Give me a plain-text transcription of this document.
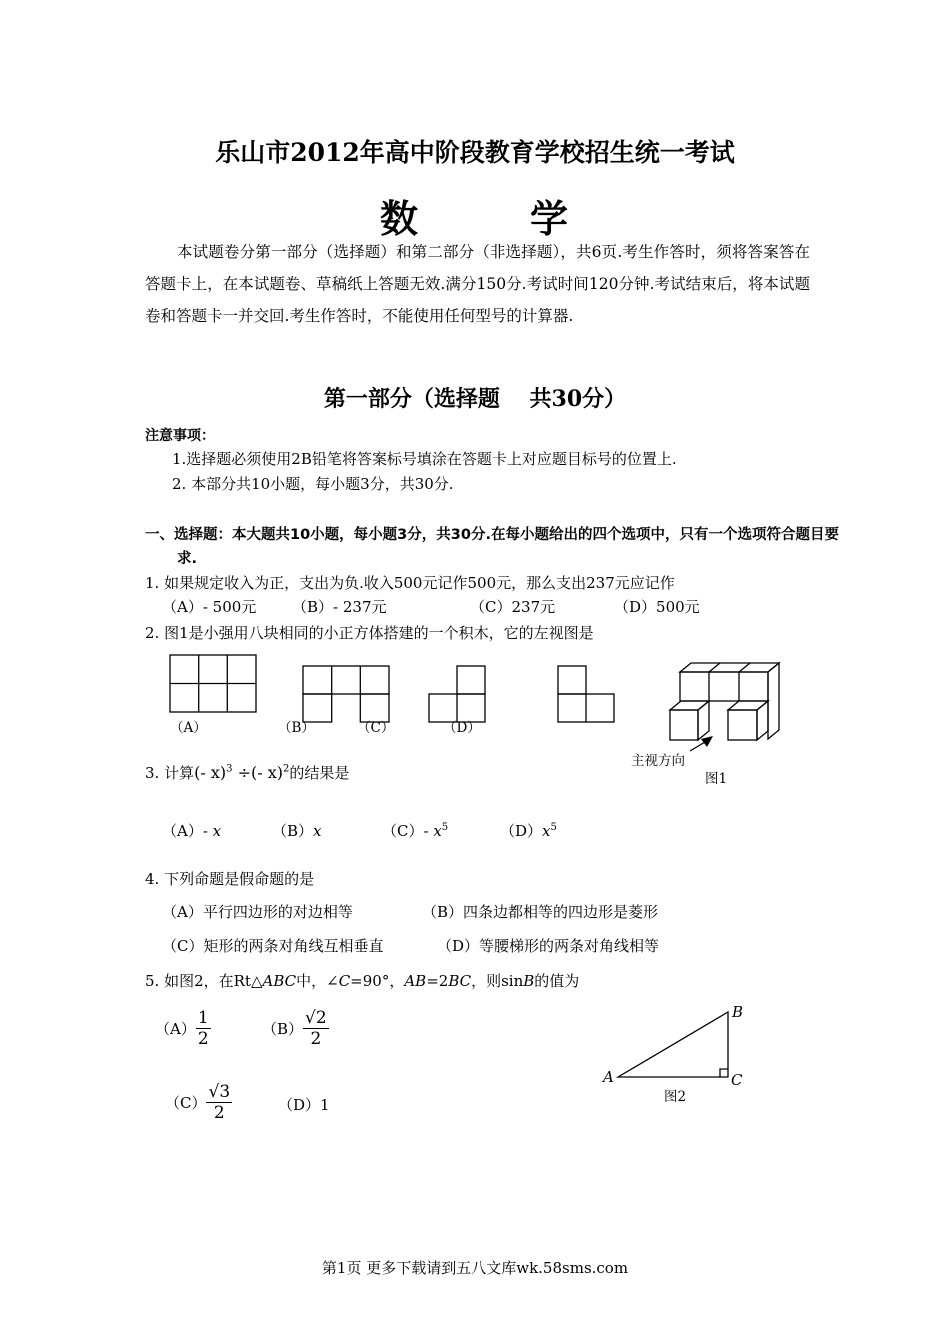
乐山市2012年高中阶段教育学校招生统一考试
数	学
本试题卷分第一部分（选择题）和第二部分（非选择题），共6页.考生作答时，须将答案答在答题卡上，在本试题卷、草稿纸上答题无效.满分150分.考试时间120分钟.考试结束后，将本试题卷和答题卡一并交回.考生作答时，不能使用任何型号的计算器.
第一部分（选择题　 共30分）
注意事项：
1.选择题必须使用2B铅笔将答案标号填涂在答题卡上对应题目标号的位置上.
2. 本部分共10小题，每小题3分，共30分.
一、选择题：本大题共10小题，每小题3分，共30分.在每小题给出的四个选项中，只有一个选项符合题目要求.
1. 如果规定收入为正，支出为负.收入500元记作500元，那么支出237元应记作
（A）- 500元 （B）- 237元	（C）237元	（D）500元
2. 图1是小强用八块相同的小正方体搭建的一个积木，它的左视图是
（A）	（B）	（C）	（D）
主视方向
图1
3. 计算(- x)$^3$ ÷(- x)$^2$的结果是
（A）- x	（B）x	（C）- $x^5$	$(D)x^5$
4. 下列命题是假命题的是
（A）平行四边形的对边相等	（B）四条边都相等的四边形是菱形
（C）矩形的两条对角线互相垂直	（D）等腰梯形的两条对角线相等
5. 如图2，在Rt△ABC中，∠C=90°，AB=2BC，则sinB的值为
$(A) \frac{1}{2}$	$(B) \frac{√2}{2}$
$(C) \frac{√3}{2}$	（D）1
A
B
C
图2
第1页 更多下载请到五八文库wk.58sms.com
